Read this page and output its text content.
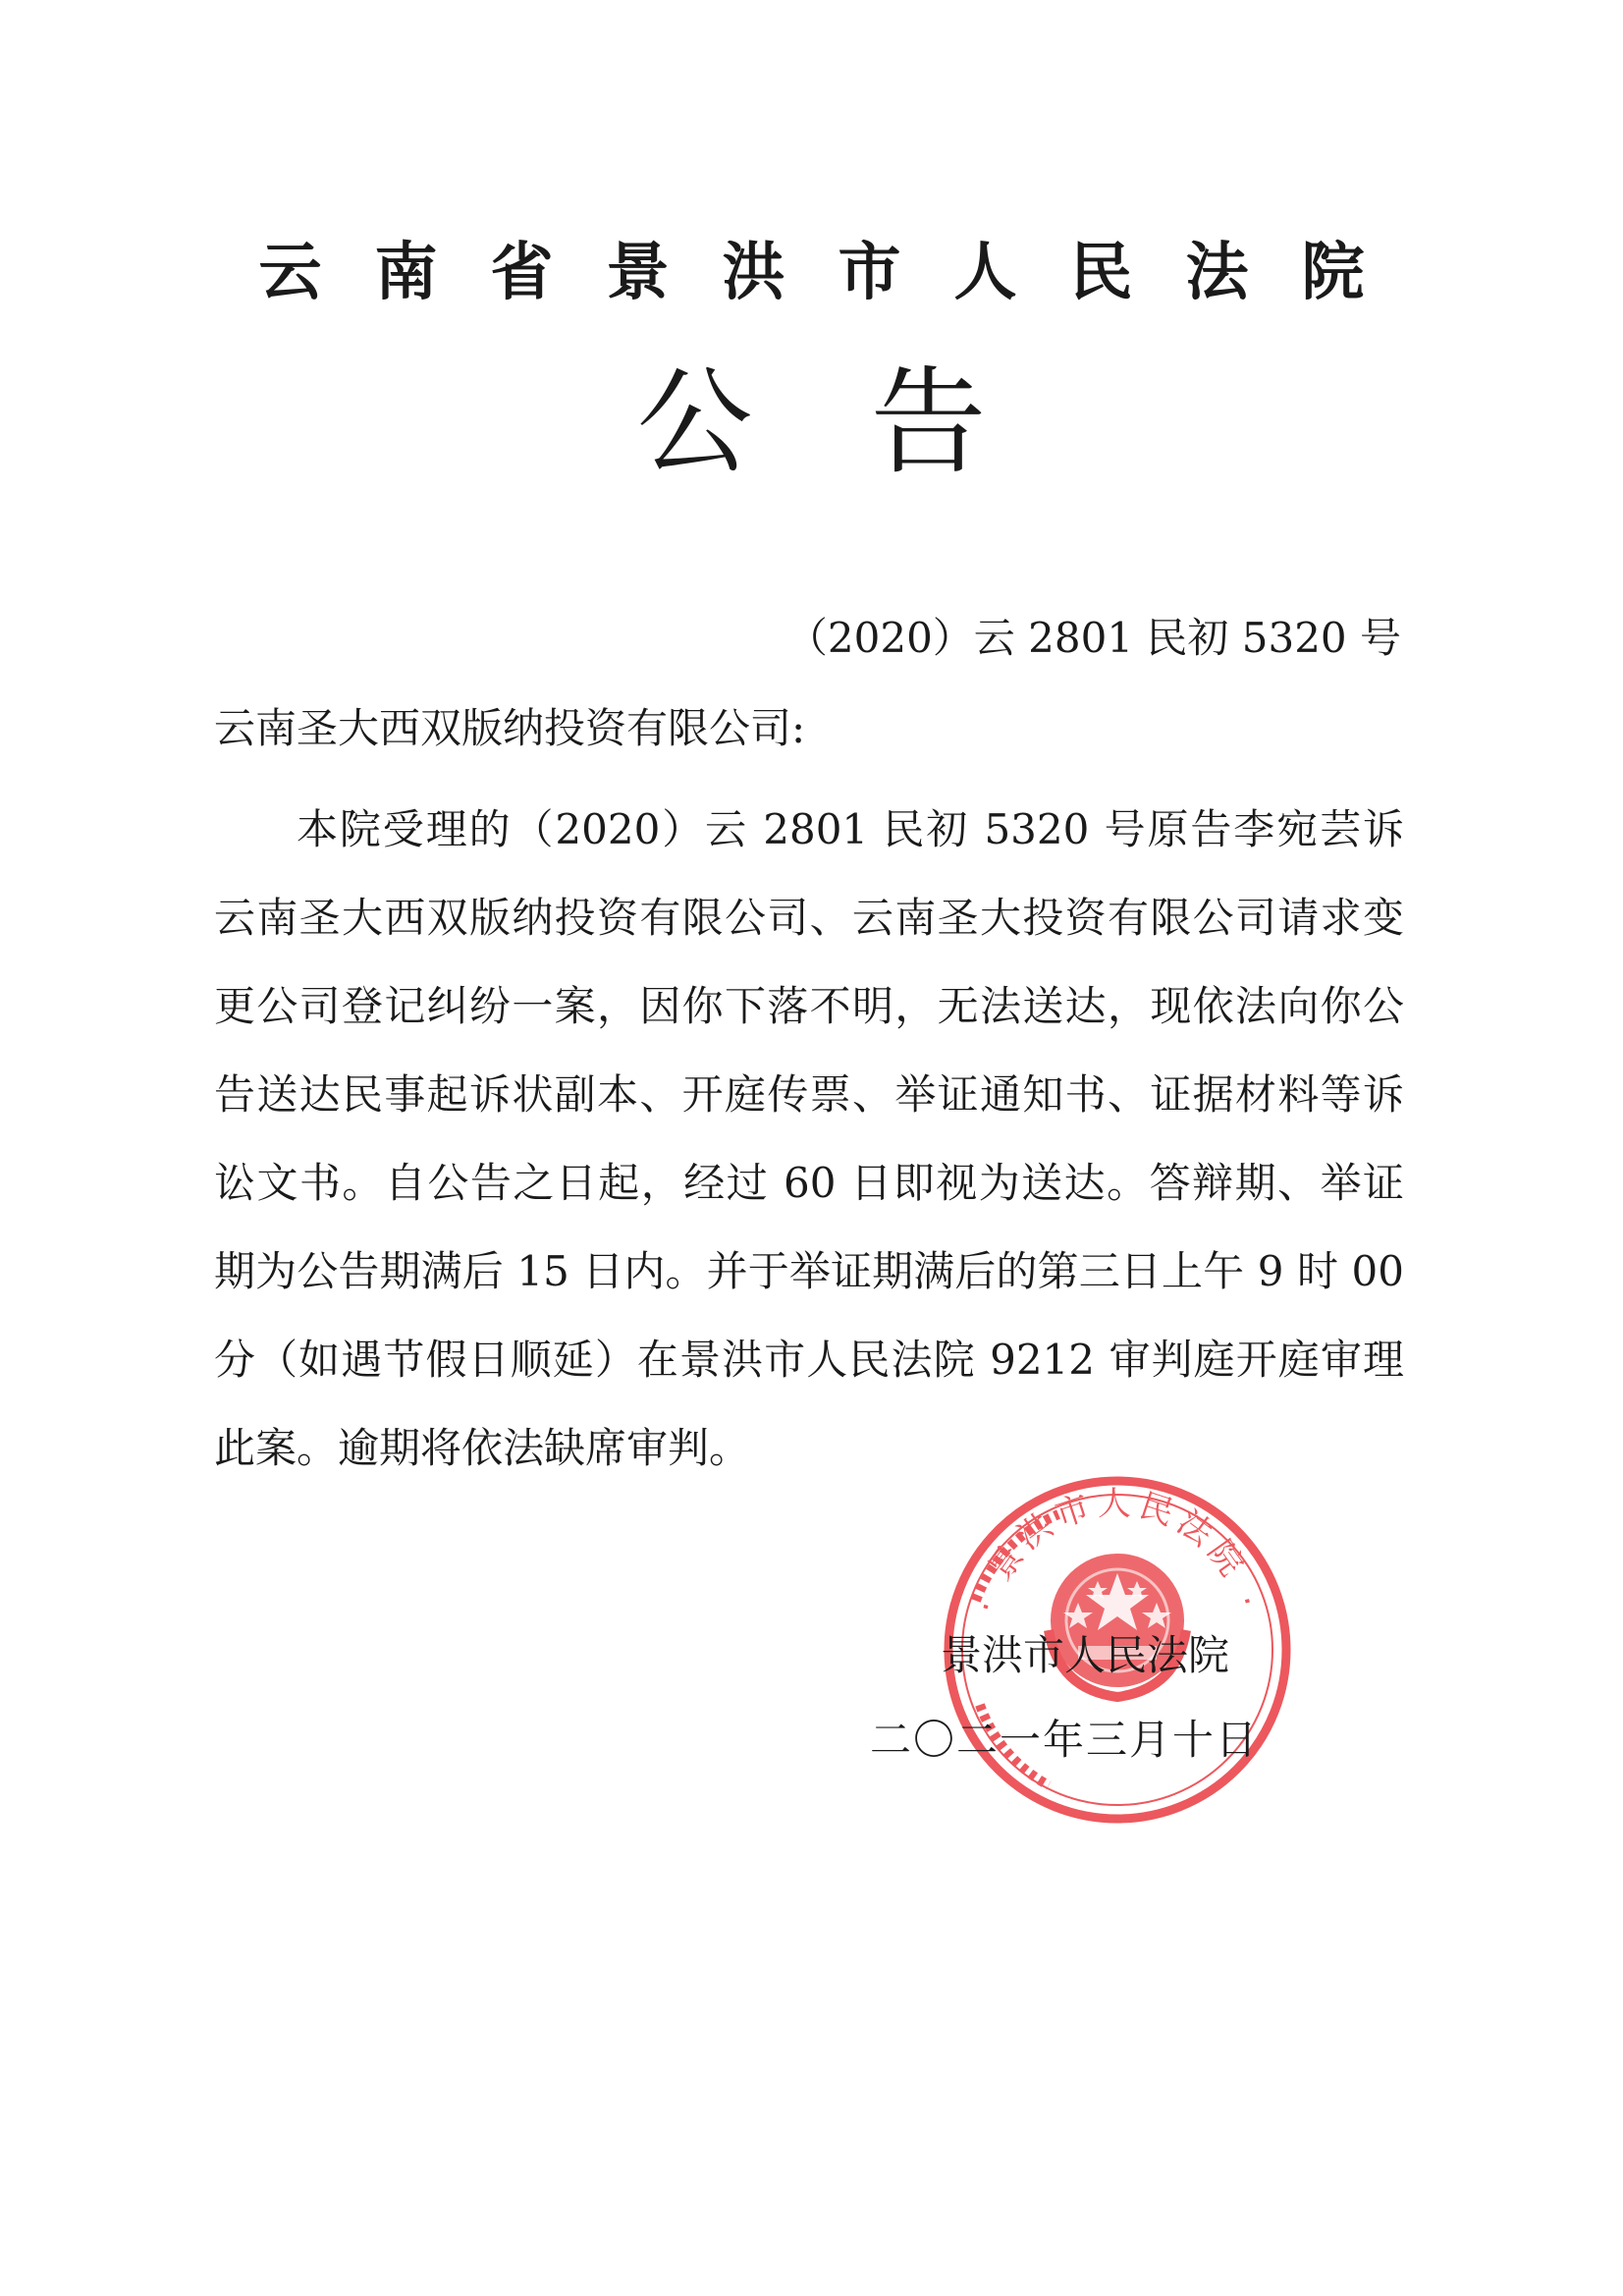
云南省景洪市人民法院
公告
（2020）云 2801 民初 5320 号
云南圣大西双版纳投资有限公司:

本院受理的（2020）云 2801 民初 5320 号原告李宛芸诉云南圣大西双版纳投资有限公司、云南圣大投资有限公司请求变更公司登记纠纷一案，因你下落不明，无法送达，现依法向你公告送达民事起诉状副本、开庭传票、举证通知书、证据材料等诉讼文书。自公告之日起，经过 60 日即视为送达。答辩期、举证期为公告期满后 15 日内。并于举证期满后的第三日上午 9 时 00 分（如遇节假日顺延）在景洪市人民法院 9212 审判庭开庭审理此案。逾期将依法缺席审判。

· 景洪市人民法院 ·
景洪市人民法院
二〇二一年三月十日
